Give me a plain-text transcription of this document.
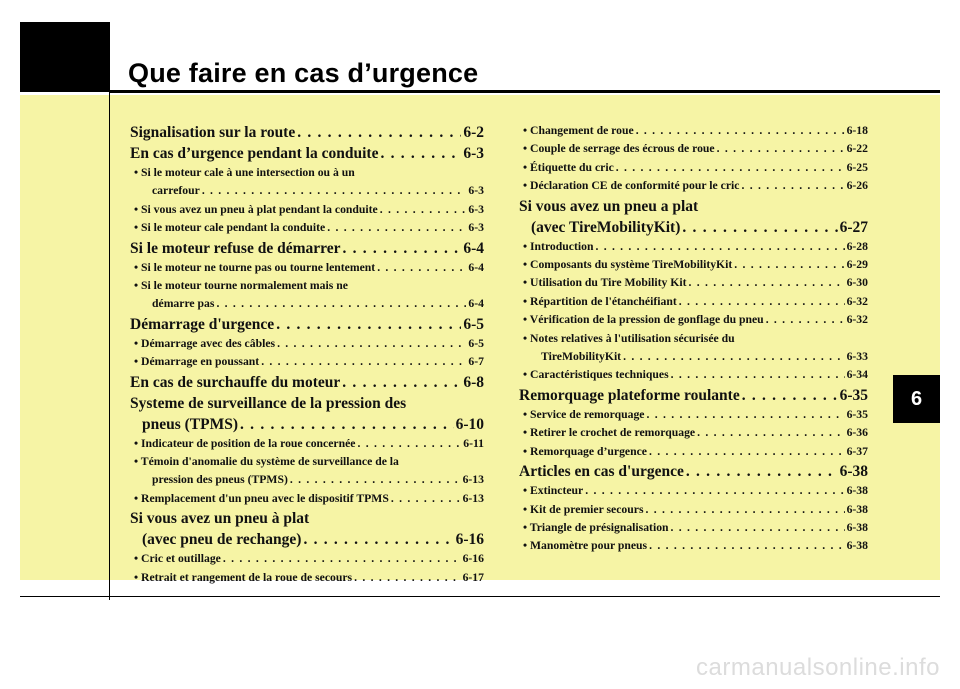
Que faire en cas d’urgence
Signalisation sur la route . . .	6-2
En cas d’urgence pendant la conduite . . .	6-3
• Si le moteur cale à une intersection ou à un
carrefour . . .	6-3
• Si vous avez un pneu à plat pendant la conduite . . .	6-3
• Si le moteur cale pendant la conduite . . .	6-3
Si le moteur refuse de démarrer . . .	6-4
• Si le moteur ne tourne pas ou tourne lentement . . .	6-4
• Si le moteur tourne normalement mais ne
démarre pas . . .	6-4
Démarrage d'urgence . . .	6-5
• Démarrage avec des câbles . . .	6-5
• Démarrage en poussant . . .	6-7
En cas de surchauffe du moteur . . .	6-8
Systeme de surveillance de la pression des
pneus (TPMS) . . .	6-10
• Indicateur de position de la roue concernée . . .	6-11
• Témoin d'anomalie du système de surveillance de la
pression des pneus (TPMS) . . .	6-13
• Remplacement d'un pneu avec le dispositif TPMS . . .	6-13
Si vous avez un pneu à plat
(avec pneu de rechange) . . .	6-16
• Cric et outillage . . .	6-16
• Retrait et rangement de la roue de secours . . .	6-17
• Changement de roue . . .	6-18
• Couple de serrage des écrous de roue . . .	6-22
• Étiquette du cric . . .	6-25
• Déclaration CE de conformité pour le cric . . .	6-26
Si vous avez un pneu a plat
(avec TireMobilityKit) . . .	6-27
• Introduction . . .	6-28
• Composants du système TireMobilityKit . . .	6-29
• Utilisation du Tire Mobility Kit . . .	6-30
• Répartition de l'étanchéifiant . . .	6-32
• Vérification de la pression de gonflage du pneu . . .	6-32
• Notes relatives à l'utilisation sécurisée du
TireMobilityKit . . .	6-33
• Caractéristiques techniques . . .	6-34
Remorquage plateforme roulante . . .	6-35
• Service de remorquage . . .	6-35
• Retirer le crochet de remorquage . . .	6-36
• Remorquage d’urgence . . .	6-37
Articles en cas d'urgence . . .	6-38
• Extincteur . . .	6-38
• Kit de premier secours . . .	6-38
• Triangle de présignalisation . . .	6-38
• Manomètre pour pneus . . .	6-38
6
carmanualsonline.info
